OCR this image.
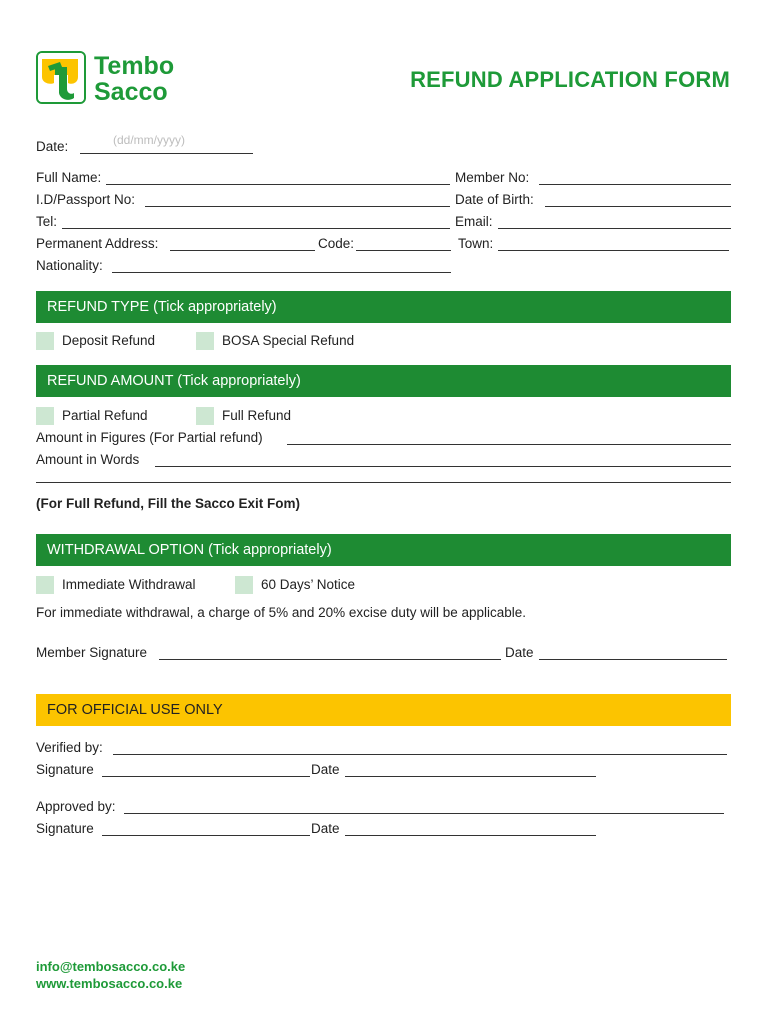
Tembo
Sacco	REFUND APPLICATION FORM
Date:	(dd/mm/yyyy)
Full Name:	Member No:
I.D/Passport No:	Date of Birth:
Tel:	Email:
Permanent Address:	Code:	Town:
Nationality:
REFUND TYPE (Tick appropriately)
Deposit Refund	BOSA Special Refund
REFUND AMOUNT (Tick appropriately)
Partial Refund	Full Refund
Amount in Figures (For Partial refund)
Amount in Words
(For Full Refund, Fill the Sacco Exit Fom)
WITHDRAWAL OPTION (Tick appropriately)
Immediate Withdrawal	60 Days’ Notice
For immediate withdrawal, a charge of 5% and 20% excise duty will be applicable.
Member Signature	Date
FOR OFFICIAL USE ONLY
Verified by:
Signature	Date
Approved by:
Signature	Date
info@tembosacco.co.ke
www.tembosacco.co.ke
